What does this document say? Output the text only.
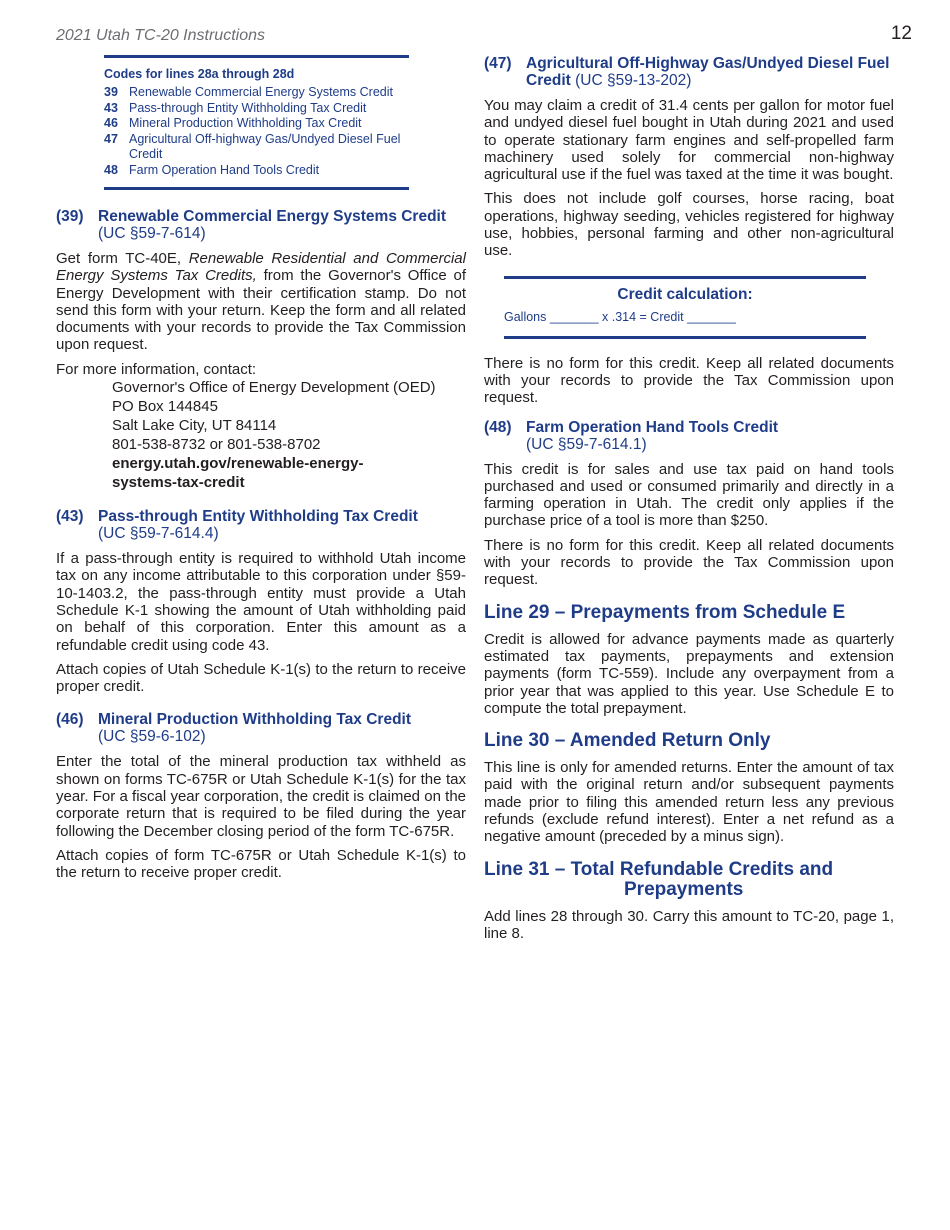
2021 Utah TC-20 Instructions	12
Codes for lines 28a through 28d
39 Renewable Commercial Energy Systems Credit
43 Pass-through Entity Withholding Tax Credit
46 Mineral Production Withholding Tax Credit
47 Agricultural Off-highway Gas/Undyed Diesel Fuel Credit
48 Farm Operation Hand Tools Credit
(39) Renewable Commercial Energy Systems Credit
(UC §59-7-614)

Get form TC-40E, Renewable Residential and Commercial Energy Systems Tax Credits, from the Governor's Office of Energy Development with their certification stamp. Do not send this form with your return. Keep the form and all related documents with your records to provide the Tax Commission upon request.

For more information, contact:

Governor's Office of Energy Development (OED)
PO Box 144845
Salt Lake City, UT 84114
801-538-8732 or 801-538-8702
energy.utah.gov/renewable-energy-
systems-tax-credit
(43) Pass-through Entity Withholding Tax Credit
(UC §59-7-614.4)

If a pass-through entity is required to withhold Utah income tax on any income attributable to this corporation under §59-10-1403.2, the pass-through entity must provide a Utah Schedule K-1 showing the amount of Utah withholding paid on behalf of this corporation. Enter this amount as a refundable credit using code 43.

Attach copies of Utah Schedule K-1(s) to the return to receive proper credit.

(46) Mineral Production Withholding Tax Credit
(UC §59-6-102)

Enter the total of the mineral production tax withheld as shown on forms TC-675R or Utah Schedule K-1(s) for the tax year. For a fiscal year corporation, the credit is claimed on the corporate return that is required to be filed during the year following the December closing period of the form TC-675R.

Attach copies of form TC-675R or Utah Schedule K-1(s) to the return to receive proper credit.

(47) Agricultural Off-Highway Gas/Undyed Diesel Fuel Credit (UC §59-13-202)

You may claim a credit of 31.4 cents per gallon for motor fuel and undyed diesel fuel bought in Utah during 2021 and used to operate stationary farm engines and self-propelled farm machinery used solely for commercial non-highway agricultural use if the fuel was taxed at the time it was bought.

This does not include golf courses, horse racing, boat operations, highway seeding, vehicles registered for highway use, hobbies, personal farming and other non-agricultural use.

Credit calculation:
Gallons _______ x .314 = Credit _______

There is no form for this credit. Keep all related documents with your records to provide the Tax Commission upon request.

(48) Farm Operation Hand Tools Credit
(UC §59-7-614.1)

This credit is for sales and use tax paid on hand tools purchased and used or consumed primarily and directly in a farming operation in Utah. The credit only applies if the purchase price of a tool is more than $250.

There is no form for this credit. Keep all related documents with your records to provide the Tax Commission upon request.

Line 29 – Prepayments from Schedule E

Credit is allowed for advance payments made as quarterly estimated tax payments, prepayments and extension payments (form TC-559). Include any overpayment from a prior year that was applied to this year. Use Schedule E to compute the total prepayment.

Line 30 – Amended Return Only

This line is only for amended returns. Enter the amount of tax paid with the original return and/or subsequent payments made prior to filing this amended return less any previous refunds (exclude refund interest). Enter a net refund as a negative amount (preceded by a minus sign).

Line 31 – Total Refundable Credits and
Prepayments

Add lines 28 through 30. Carry this amount to TC-20, page 1, line 8.
